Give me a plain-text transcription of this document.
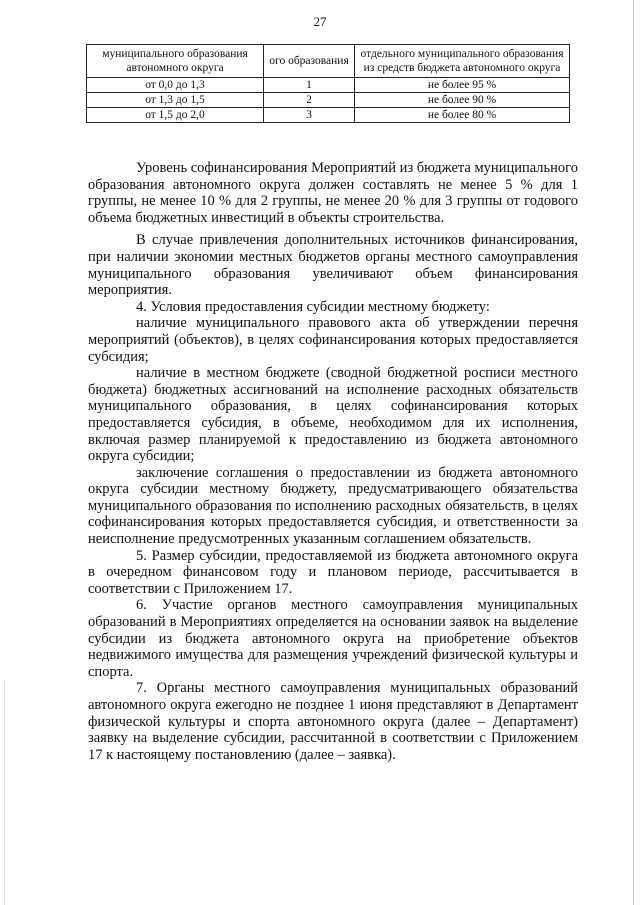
27
муниципального образования автономного округа	ого образования	отдельного муниципального образования из средств бюджета автономного округа
от 0,0 до 1,3	1	не более 95 %
от 1,3 до 1,5	2	не более 90 %
от 1,5 до 2,0	3	не более 80 %

Уровень софинансирования Мероприятий из бюджета муниципального образования автономного округа должен составлять не менее 5 % для 1 группы, не менее 10 % для 2 группы, не менее 20 % для 3 группы от годового объема бюджетных инвестиций в объекты строительства.

В случае привлечения дополнительных источников финансирования, при наличии экономии местных бюджетов органы местного самоуправления муниципального образования увеличивают объем финансирования мероприятия.

4. Условия предоставления субсидии местному бюджету:

наличие муниципального правового акта об утверждении перечня мероприятий (объектов), в целях софинансирования которых предоставляется субсидия;

наличие в местном бюджете (сводной бюджетной росписи местного бюджета) бюджетных ассигнований на исполнение расходных обязательств муниципального образования, в целях софинансирования которых предоставляется субсидия, в объеме, необходимом для их исполнения, включая размер планируемой к предоставлению из бюджета автономного округа субсидии;

заключение соглашения о предоставлении из бюджета автономного округа субсидии местному бюджету, предусматривающего обязательства муниципального образования по исполнению расходных обязательств, в целях софинансирования которых предоставляется субсидия, и ответственности за неисполнение предусмотренных указанным соглашением обязательств.

5. Размер субсидии, предоставляемой из бюджета автономного округа в очередном финансовом году и плановом периоде, рассчитывается в соответствии с Приложением 17.

6. Участие органов местного самоуправления муниципальных образований в Мероприятиях определяется на основании заявок на выделение субсидии из бюджета автономного округа на приобретение объектов недвижимого имущества для размещения учреждений физической культуры и спорта.

7. Органы местного самоуправления муниципальных образований автономного округа ежегодно не позднее 1 июня представляют в Департамент физической культуры и спорта автономного округа (далее – Департамент) заявку на выделение субсидии, рассчитанной в соответствии с Приложением 17 к настоящему постановлению (далее – заявка).
